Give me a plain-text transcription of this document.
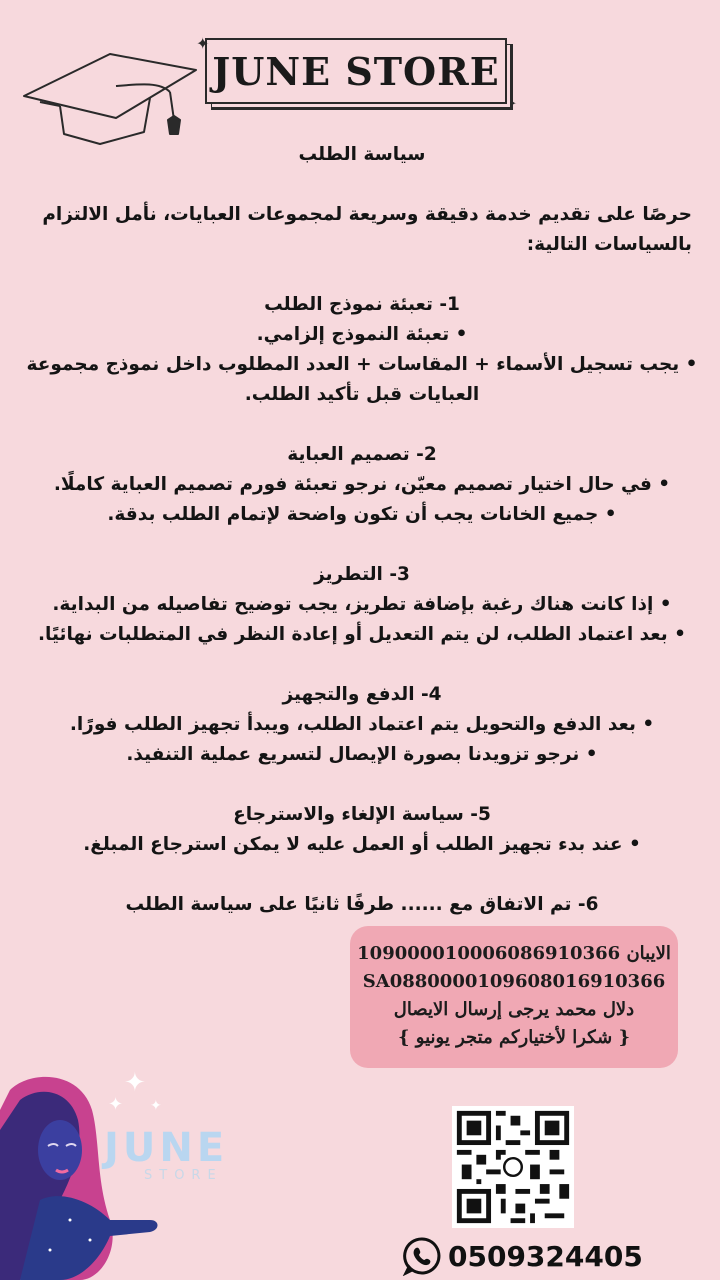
✦
✦
JUNE STORE

سياسة الطلب

حرصًا على تقديم خدمة دقيقة وسريعة لمجموعات العبايات، نأمل الالتزام بالسياسات التالية:

1- تعبئة نموذج الطلب

• تعبئة النموذج إلزامي.

• يجب تسجيل الأسماء + المقاسات + العدد المطلوب داخل نموذج مجموعة العبايات قبل تأكيد الطلب.

2- تصميم العباية

• في حال اختيار تصميم معيّن، نرجو تعبئة فورم تصميم العباية كاملًا.

• جميع الخانات يجب أن تكون واضحة لإتمام الطلب بدقة.

3- التطريز

• إذا كانت هناك رغبة بإضافة تطريز، يجب توضيح تفاصيله من البداية.

• بعد اعتماد الطلب، لن يتم التعديل أو إعادة النظر في المتطلبات نهائيًا.

4- الدفع والتجهيز

• بعد الدفع والتحويل يتم اعتماد الطلب، ويبدأ تجهيز الطلب فورًا.

• نرجو تزويدنا بصورة الإيصال لتسريع عملية التنفيذ.

5- سياسة الإلغاء والاسترجاع

• عند بدء تجهيز الطلب أو العمل عليه لا يمكن استرجاع المبلغ.

6- تم الاتفاق مع ...... طرفًا ثانيًا على سياسة الطلب

الايبان 10900001000608691036​6
SA0880000109608016910366
دلال محمد يرجى إرسال الايصال
{ شكرا لأختياركم متجر يونيو }
0509324405
✦
✦ ✦
JUNE
STORE
